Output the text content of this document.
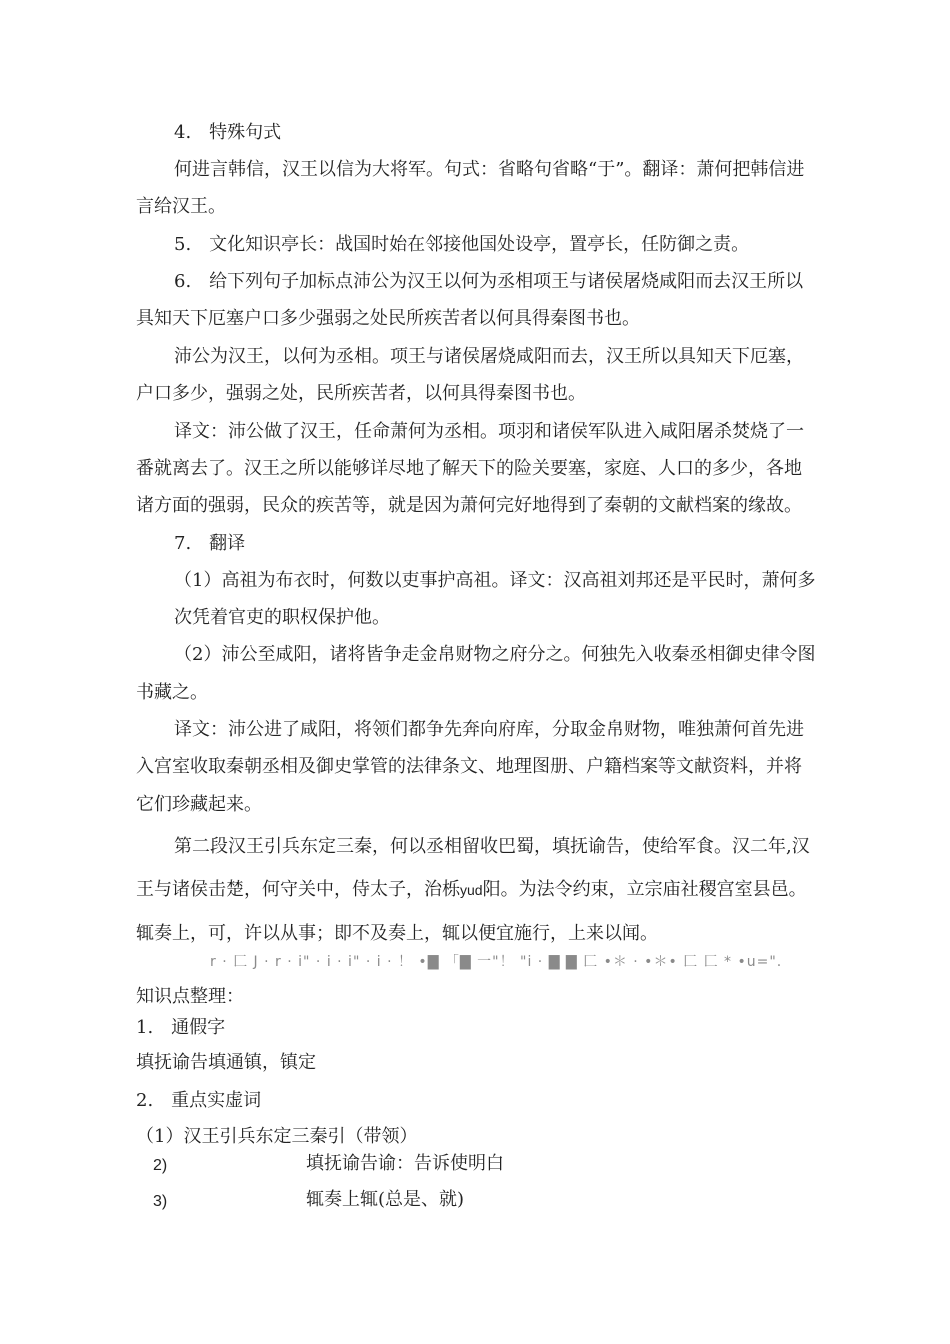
4.　特殊句式
何进言韩信，汉王以信为大将军。句式：省略句省略“于”。翻译：萧何把韩信进
言给汉王。
5.　文化知识亭长：战国时始在邻接他国处设亭，置亭长，任防御之责。
6.　给下列句子加标点沛公为汉王以何为丞相项王与诸侯屠烧咸阳而去汉王所以
具知天下厄塞户口多少强弱之处民所疾苦者以何具得秦图书也。
沛公为汉王，以何为丞相。项王与诸侯屠烧咸阳而去，汉王所以具知天下厄塞，
户口多少，强弱之处，民所疾苦者，以何具得秦图书也。
译文：沛公做了汉王，任命萧何为丞相。项羽和诸侯军队进入咸阳屠杀焚烧了一
番就离去了。汉王之所以能够详尽地了解天下的险关要塞，家庭、人口的多少，各地
诸方面的强弱，民众的疾苦等，就是因为萧何完好地得到了秦朝的文献档案的缘故。
7.　翻译
（1）高祖为布衣时，何数以吏事护高祖。译文：汉高祖刘邦还是平民时，萧何多
次凭着官吏的职权保护他。
（2）沛公至咸阳，诸将皆争走金帛财物之府分之。何独先入收秦丞相御史律令图
书藏之。
译文：沛公进了咸阳，将领们都争先奔向府库，分取金帛财物，唯独萧何首先进
入宫室收取秦朝丞相及御史掌管的法律条文、地理图册、户籍档案等文献资料，并将
它们珍藏起来。
第二段汉王引兵东定三秦，何以丞相留收巴蜀，填抚谕告，使给军食。汉二年,汉
王与诸侯击楚，何守关中，侍太子，治栎yud阳。为法令约束，立宗庙社稷宫室县邑。
辄奏上，可，许以从事；即不及奏上，辄以便宜施行，上来以闻。
r · 匚 J · r · i" · i · i" · i · ！ •▇ 「▇ 一"！ "i · ▇ ▇ 匚 •＊ · •＊• 匚 匚 * •u=".
知识点整理：
1.　通假字
填抚谕告填通镇，镇定
2.　重点实虚词
（1）汉王引兵东定三秦引（带领）
2)	填抚谕告谕：告诉使明白
3)	辄奏上辄(总是、就)
